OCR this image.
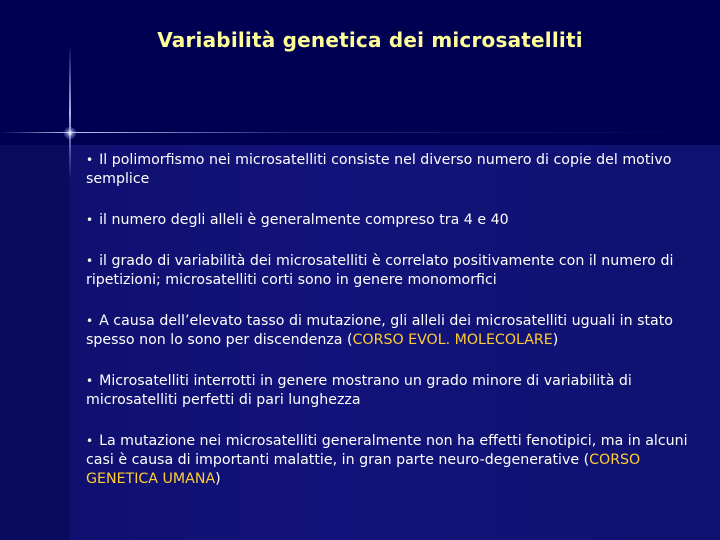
Variabilità genetica dei microsatelliti
• Il polimorfismo nei microsatelliti consiste nel diverso numero di copie del motivo semplice
• il numero degli alleli è generalmente compreso tra 4 e 40
• il grado di variabilità dei microsatelliti è correlato positivamente con il numero di ripetizioni; microsatelliti corti sono in genere monomorfici
• A causa dell’elevato tasso di mutazione, gli alleli dei microsatelliti uguali in stato spesso non lo sono per discendenza (CORSO EVOL. MOLECOLARE)
• Microsatelliti interrotti in genere mostrano un grado minore di variabilità di microsatelliti perfetti di pari lunghezza
• La mutazione nei microsatelliti generalmente non ha effetti fenotipici, ma in alcuni casi è causa di importanti malattie, in gran parte neuro-degenerative (CORSO GENETICA UMANA)
